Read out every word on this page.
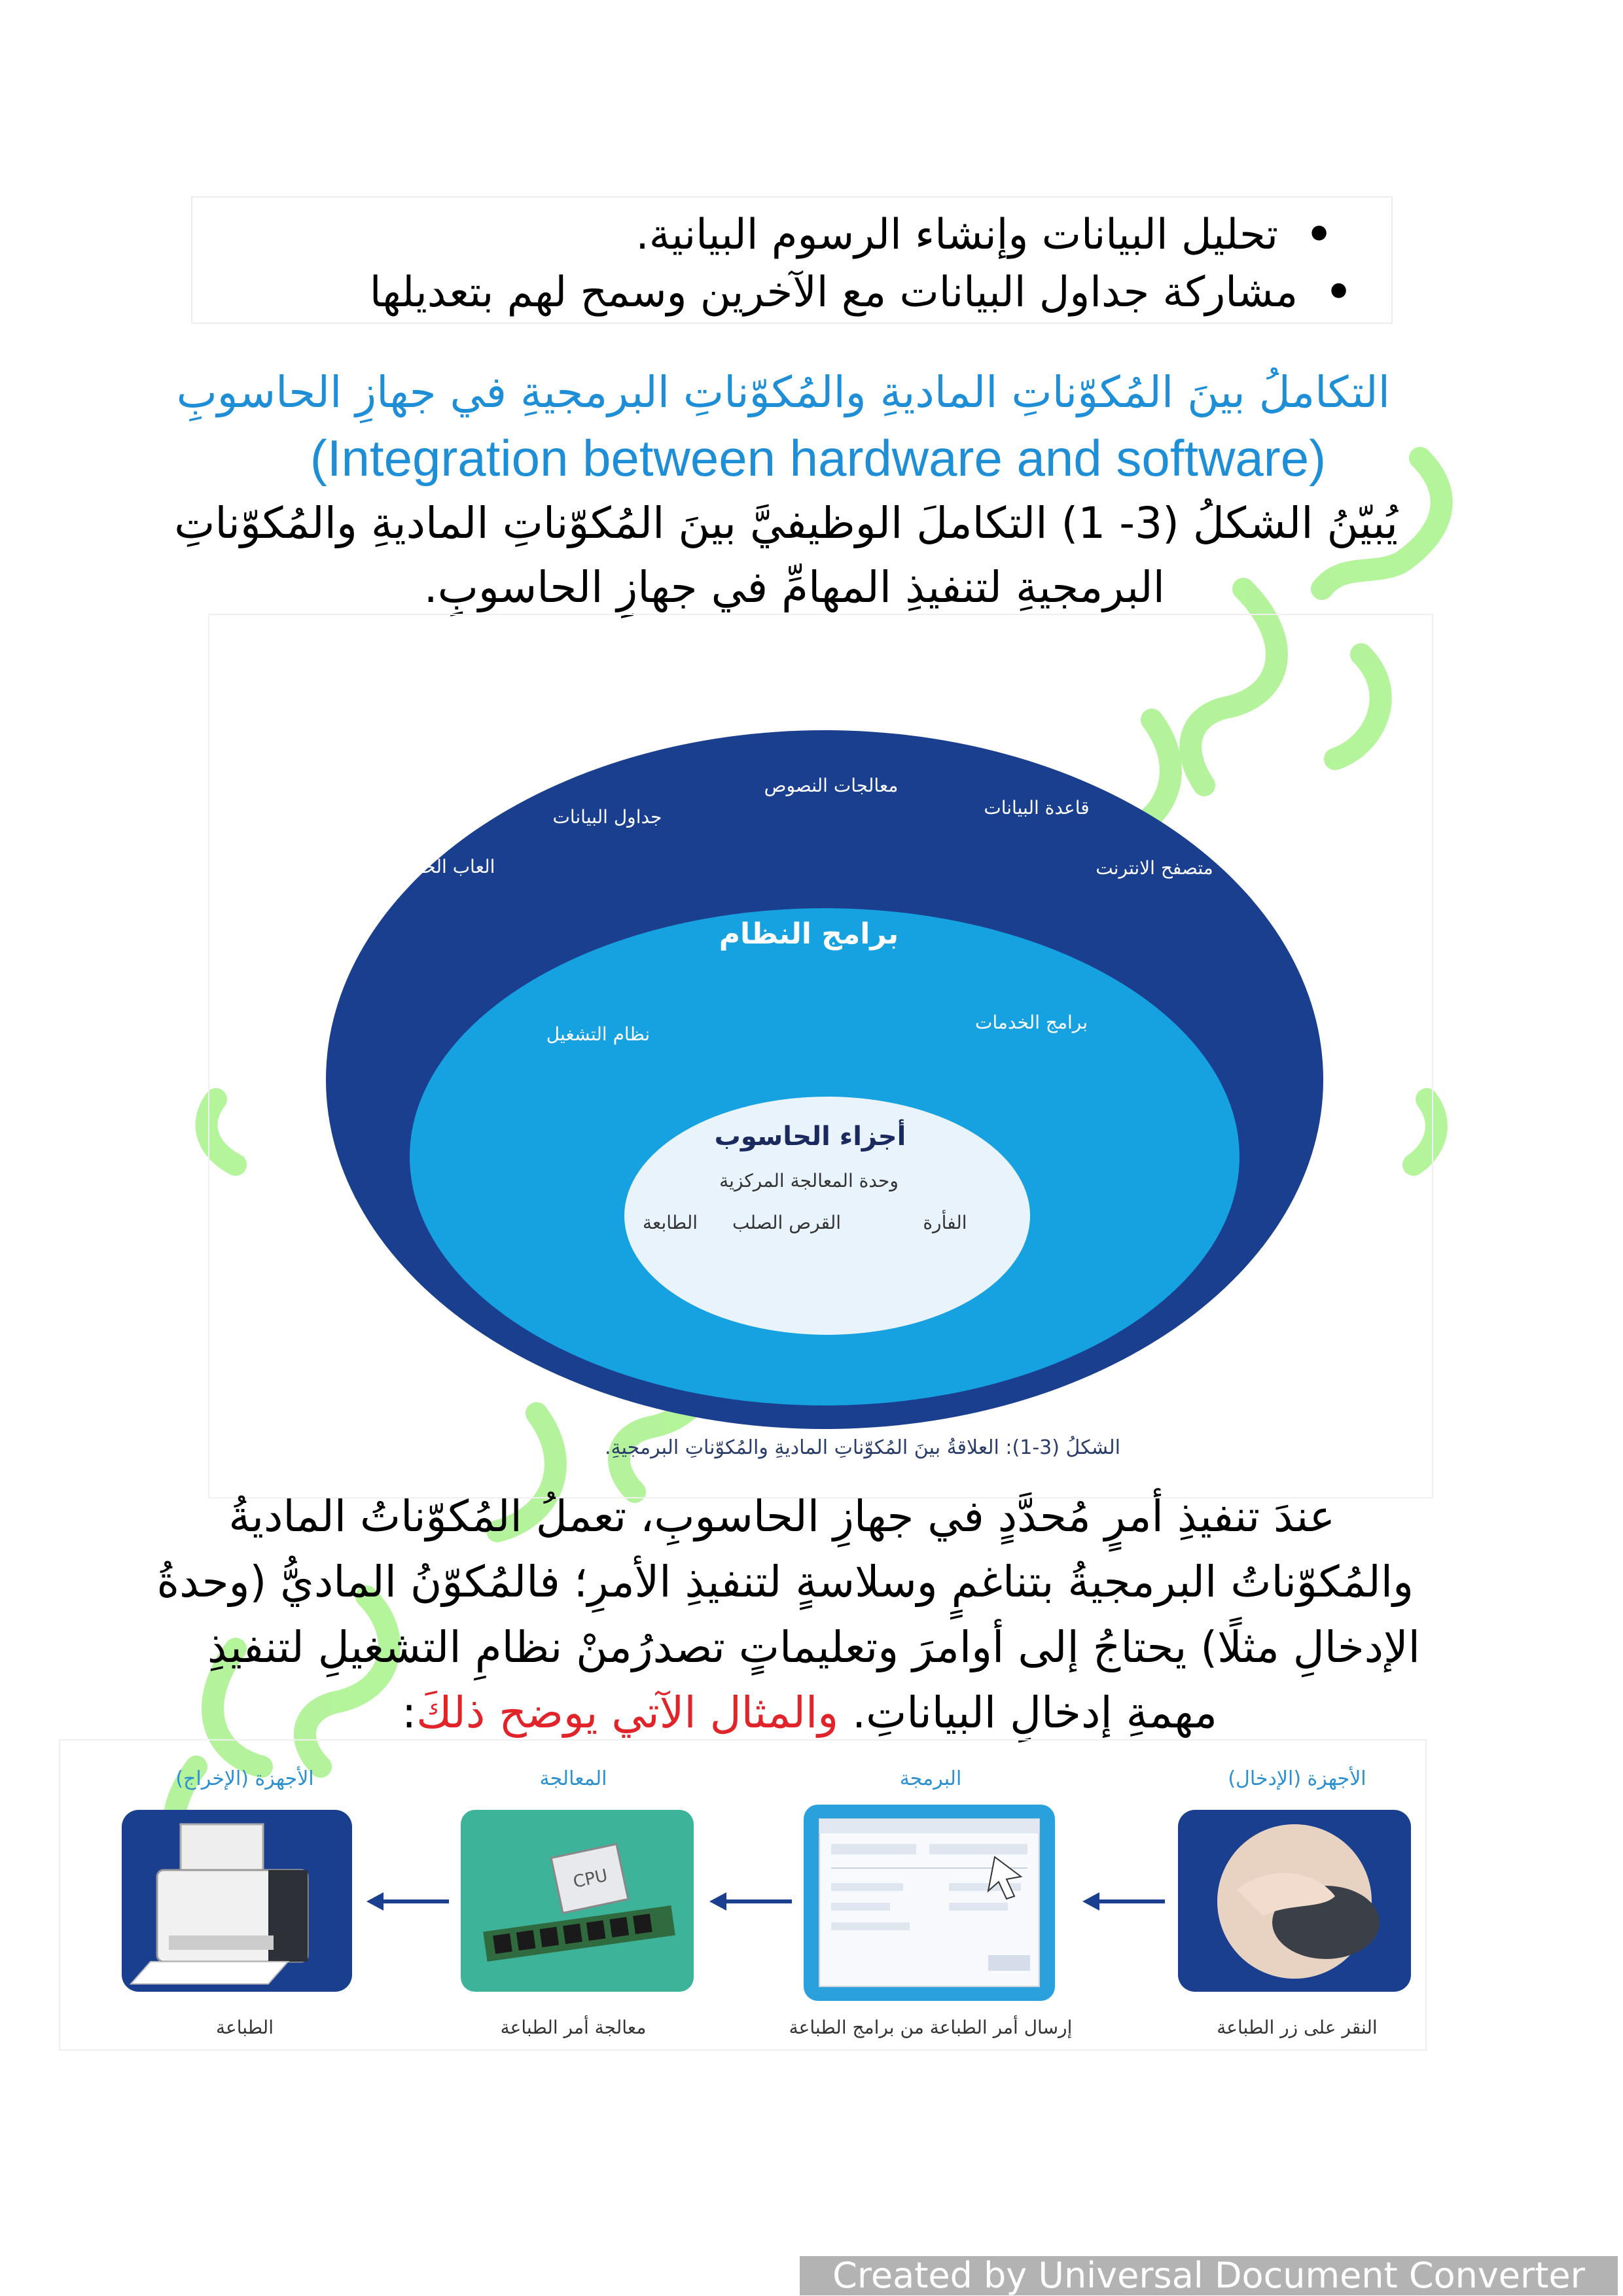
•تحليل البيانات وإنشاء الرسوم البيانية.
•مشاركة جداول البيانات مع الآخرين وسمح لهم بتعديلها
التكاملُ بينَ المُكوّناتِ الماديةِ والمُكوّناتِ البرمجيةِ في جهازِ الحاسوبِ
(Integration between hardware and software)
يُبيّنُ الشكلُ (3- 1) التكاملَ الوظيفيَّ بينَ المُكوّناتِ الماديةِ والمُكوّناتِ
البرمجيةِ لتنفيذِ المهامِّ في جهازِ الحاسوبِ.
برامج وتطبيقات
معالجات النصوص
جداول البيانات	قاعدة البيانات
العاب الحاسوب	متصفح الانترنت
برامج النظام
نظام التشغيل
برامج الخدمات
أجزاء الحاسوب
وحدة المعالجة المركزية
الطابعة القرص الصلب	الفأرة
الشكلُ (3-1): العلاقةُ بينَ المُكوّناتِ الماديةِ والمُكوّناتِ البرمجيةِ.
عندَ تنفيذِ أمرٍ مُحدَّدٍ في جهازِ الحاسوبِ، تعملُ المُكوّناتُ الماديةُ
والمُكوّناتُ البرمجيةُ بتناغمٍ وسلاسةٍ لتنفيذِ الأمرِ؛ فالمُكوّنُ الماديُّ (وحدةُ
الإدخالِ مثلًا) يحتاجُ إلى أوامرَ وتعليماتٍ تصدرُمنْ نظامِ التشغيلِ لتنفيذِ
مهمةِ إدخالِ البياناتِ. والمثال الآتي يوضح ذلكَ:
الأجهزة (الإدخال)
النقر على زر الطباعة
البرمجة
إرسال أمر الطباعة من برامج الطباعة
المعالجة
CPU
معالجة أمر الطباعة
الأجهزة (الإخراج)
الطباعة
Created by Universal Document Converter
